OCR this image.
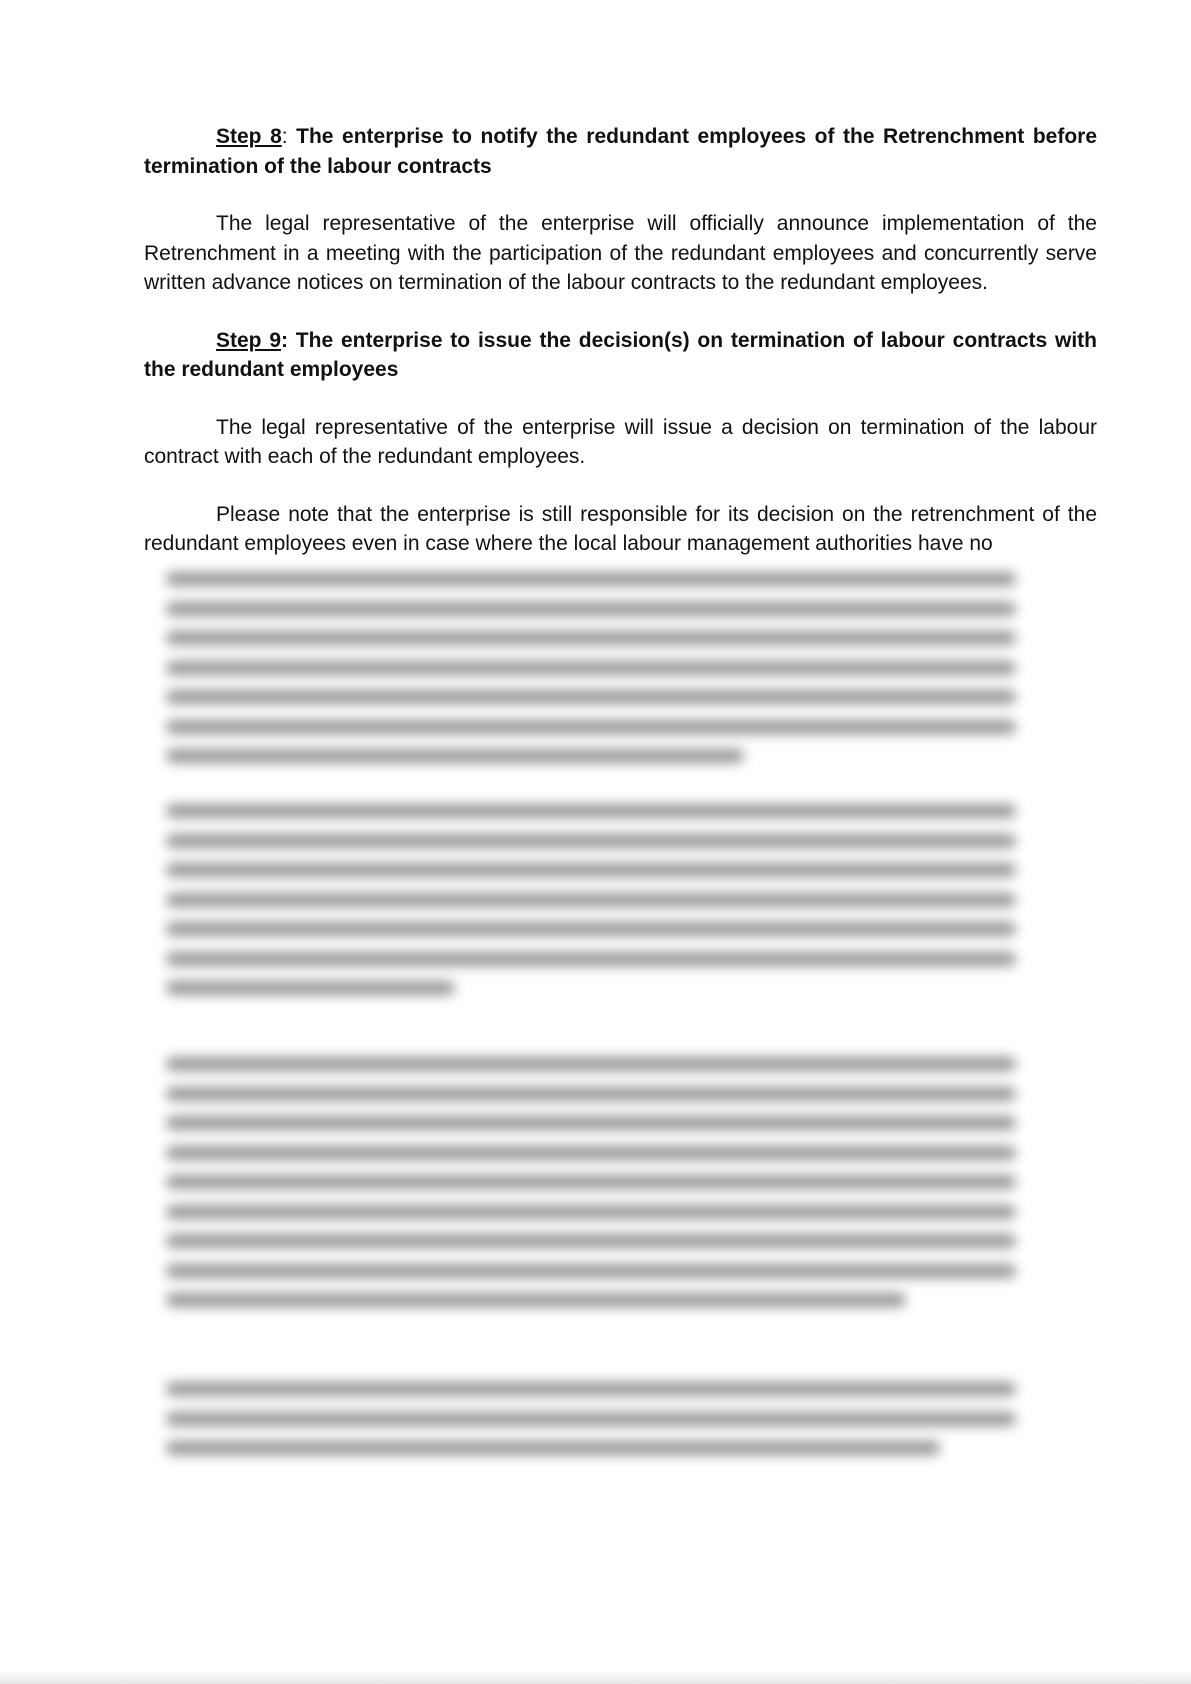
Step 8: The enterprise to notify the redundant employees of the Retrenchment before termination of the labour contracts

The legal representative of the enterprise will officially announce implementation of the Retrenchment in a meeting with the participation of the redundant employees and concurrently serve written advance notices on termination of the labour contracts to the redundant employees.

Step 9: The enterprise to issue the decision(s) on termination of labour contracts with the redundant employees

The legal representative of the enterprise will issue a decision on termination of the labour contract with each of the redundant employees.

Please note that the enterprise is still responsible for its decision on the retrenchment of the redundant employees even in case where the local labour management authorities have no
